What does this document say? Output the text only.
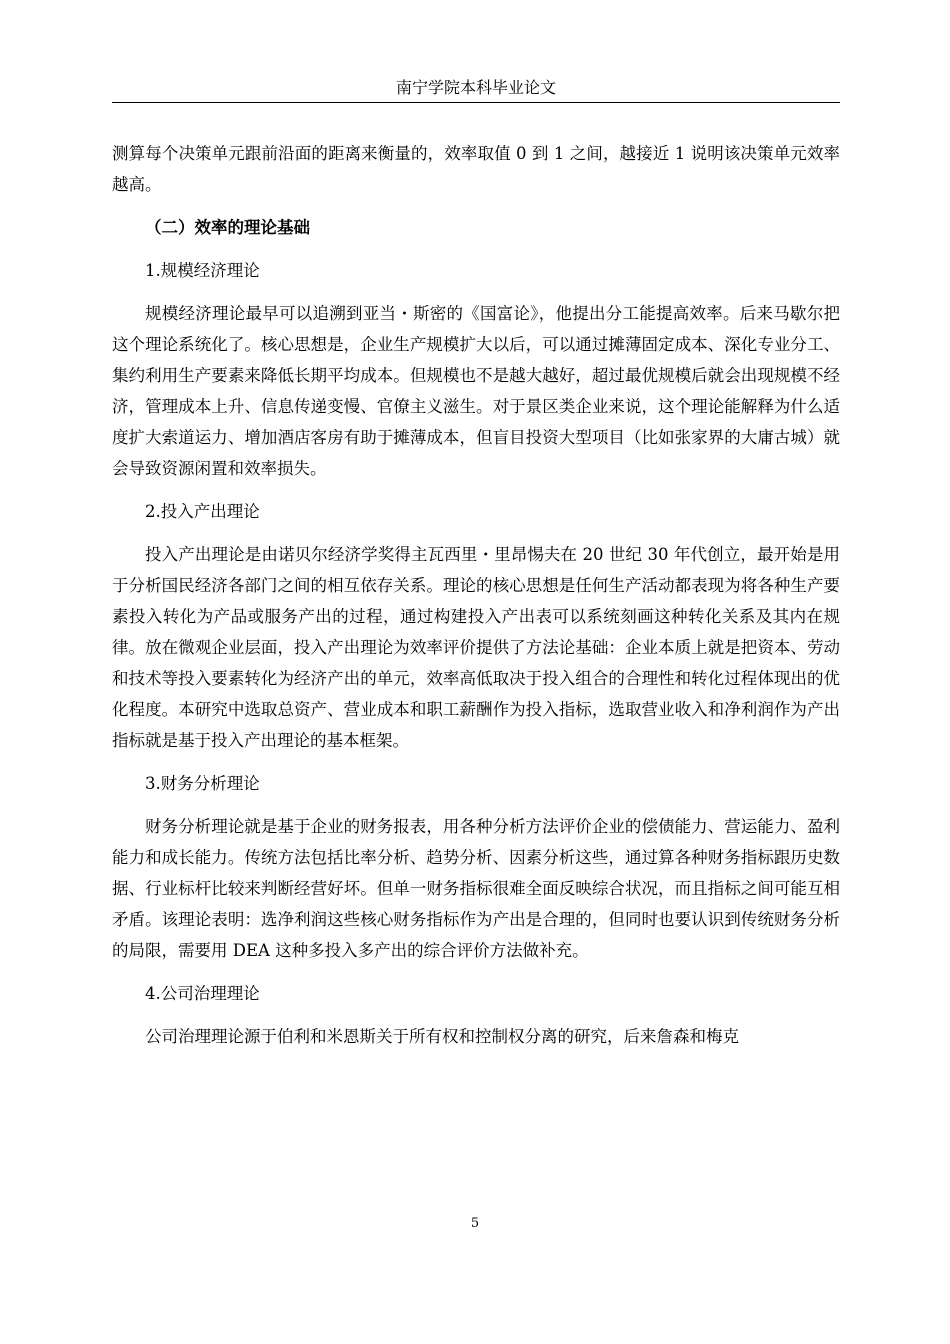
南宁学院本科毕业论文

测算每个决策单元跟前沿面的距离来衡量的，效率取值 0 到 1 之间，越接近 1 说明该决策单元效率越高。

（二）效率的理论基础

1.规模经济理论

规模经济理论最早可以追溯到亚当・斯密的《国富论》，他提出分工能提高效率。后来马歇尔把这个理论系统化了。核心思想是，企业生产规模扩大以后，可以通过摊薄固定成本、深化专业分工、集约利用生产要素来降低长期平均成本。但规模也不是越大越好，超过最优规模后就会出现规模不经济，管理成本上升、信息传递变慢、官僚主义滋生。对于景区类企业来说，这个理论能解释为什么适度扩大索道运力、增加酒店客房有助于摊薄成本，但盲目投资大型项目（比如张家界的大庸古城）就会导致资源闲置和效率损失。

2.投入产出理论

投入产出理论是由诺贝尔经济学奖得主瓦西里・里昂惕夫在 20 世纪 30 年代创立，最开始是用于分析国民经济各部门之间的相互依存关系。理论的核心思想是任何生产活动都表现为将各种生产要素投入转化为产品或服务产出的过程，通过构建投入产出表可以系统刻画这种转化关系及其内在规律。放在微观企业层面，投入产出理论为效率评价提供了方法论基础：企业本质上就是把资本、劳动和技术等投入要素转化为经济产出的单元，效率高低取决于投入组合的合理性和转化过程体现出的优化程度。本研究中选取总资产、营业成本和职工薪酬作为投入指标，选取营业收入和净利润作为产出指标就是基于投入产出理论的基本框架。

3.财务分析理论

财务分析理论就是基于企业的财务报表，用各种分析方法评价企业的偿债能力、营运能力、盈利能力和成长能力。传统方法包括比率分析、趋势分析、因素分析这些，通过算各种财务指标跟历史数据、行业标杆比较来判断经营好坏。但单一财务指标很难全面反映综合状况，而且指标之间可能互相矛盾。该理论表明：选净利润这些核心财务指标作为产出是合理的，但同时也要认识到传统财务分析的局限，需要用 DEA 这种多投入多产出的综合评价方法做补充。

4.公司治理理论

公司治理理论源于伯利和米恩斯关于所有权和控制权分离的研究，后来詹森和梅克

5
